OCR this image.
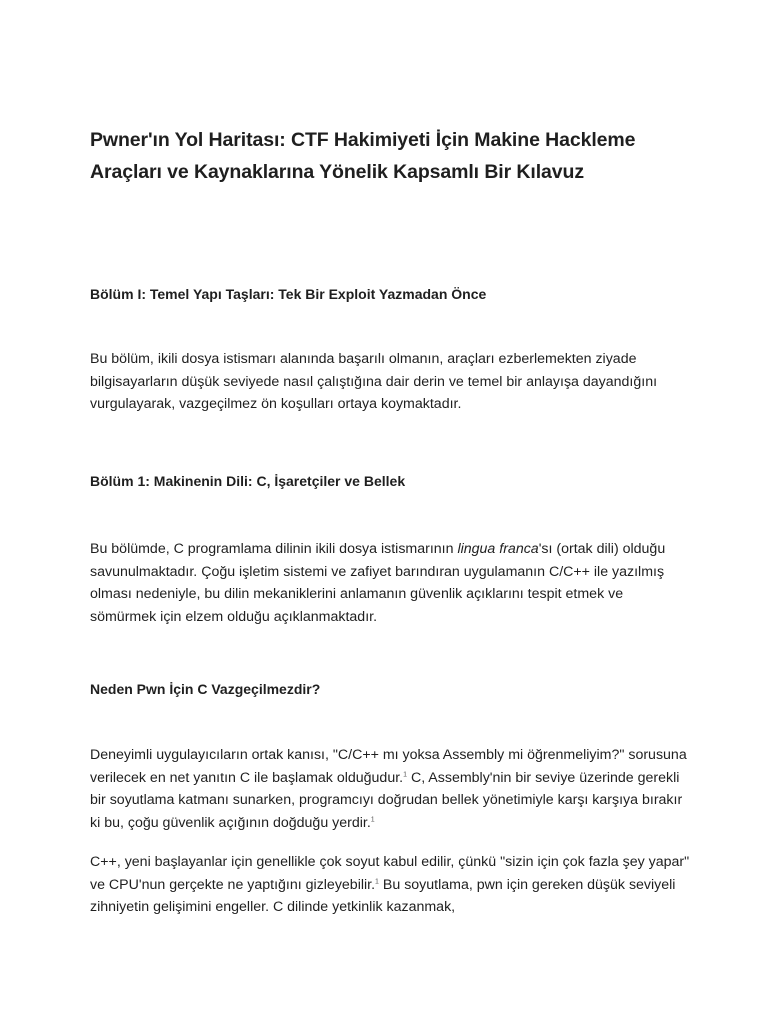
Pwner'ın Yol Haritası: CTF Hakimiyeti İçin Makine Hackleme Araçları ve Kaynaklarına Yönelik Kapsamlı Bir Kılavuz
Bölüm I: Temel Yapı Taşları: Tek Bir Exploit Yazmadan Önce

Bu bölüm, ikili dosya istismarı alanında başarılı olmanın, araçları ezberlemekten ziyade bilgisayarların düşük seviyede nasıl çalıştığına dair derin ve temel bir anlayışa dayandığını vurgulayarak, vazgeçilmez ön koşulları ortaya koymaktadır.

Bölüm 1: Makinenin Dili: C, İşaretçiler ve Bellek

Bu bölümde, C programlama dilinin ikili dosya istismarının lingua franca'sı (ortak dili) olduğu savunulmaktadır. Çoğu işletim sistemi ve zafiyet barındıran uygulamanın C/C++ ile yazılmış olması nedeniyle, bu dilin mekaniklerini anlamanın güvenlik açıklarını tespit etmek ve sömürmek için elzem olduğu açıklanmaktadır.

Neden Pwn İçin C Vazgeçilmezdir?

Deneyimli uygulayıcıların ortak kanısı, "C/C++ mı yoksa Assembly mi öğrenmeliyim?" sorusuna verilecek en net yanıtın C ile başlamak olduğudur.$^1$ C, Assembly'nin bir seviye üzerinde gerekli bir soyutlama katmanı sunarken, programcıyı doğrudan bellek yönetimiyle karşı karşıya bırakır ki bu, çoğu güvenlik açığının doğduğu yerdir.$^1$

C++, yeni başlayanlar için genellikle çok soyut kabul edilir, çünkü "sizin için çok fazla şey yapar" ve CPU'nun gerçekte ne yaptığını gizleyebilir.$^1$ Bu soyutlama, pwn için gereken düşük seviyeli zihniyetin gelişimini engeller. C dilinde yetkinlik kazanmak,
